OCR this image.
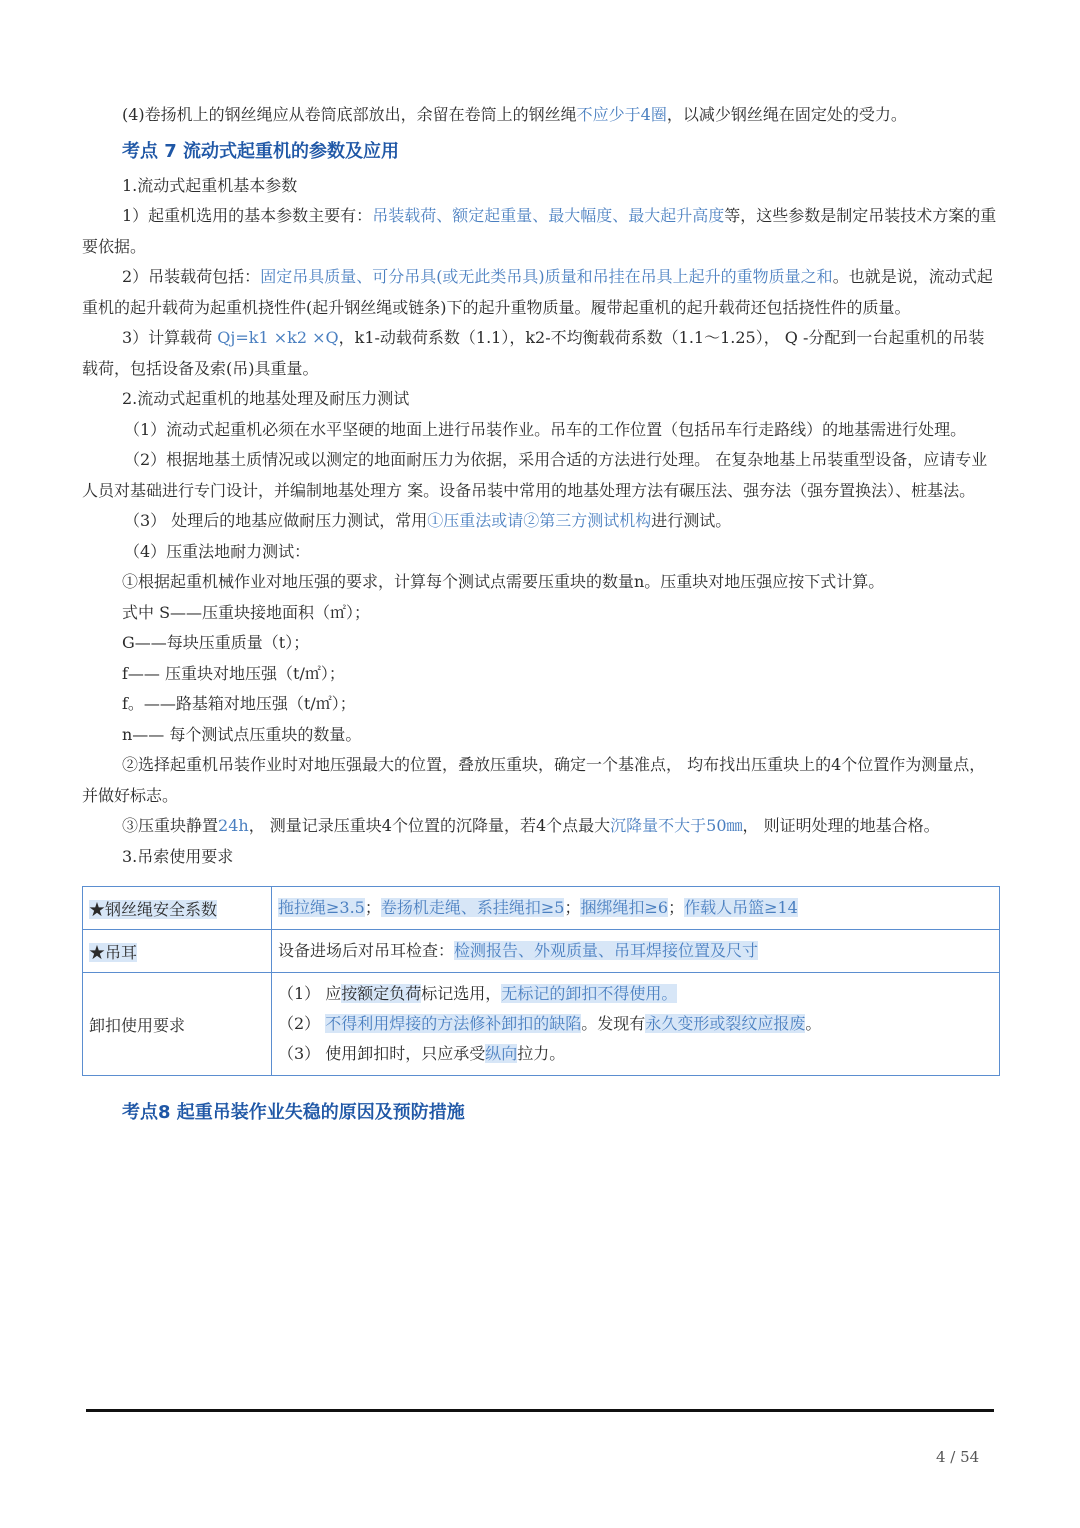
(4)卷扬机上的钢丝绳应从卷筒底部放出，余留在卷筒上的钢丝绳不应少于4圈，以减少钢丝绳在固定处的受力。

考点 7 流动式起重机的参数及应用

1.流动式起重机基本参数

1）起重机选用的基本参数主要有：吊装载荷、额定起重量、最大幅度、最大起升高度等，这些参数是制定吊装技术方案的重要依据。

2）吊装载荷包括：固定吊具质量、可分吊具(或无此类吊具)质量和吊挂在吊具上起升的重物质量之和。也就是说，流动式起重机的起升载荷为起重机挠性件(起升钢丝绳或链条)下的起升重物质量。履带起重机的起升载荷还包括挠性件的质量。

3）计算载荷 Qj=k1 ×k2 ×Q，k1-动载荷系数（1.1），k2-不均衡载荷系数（1.1～1.25）， Q -分配到一台起重机的吊装载荷，包括设备及索(吊)具重量。

2.流动式起重机的地基处理及耐压力测试

（1）流动式起重机必须在水平坚硬的地面上进行吊装作业。吊车的工作位置（包括吊车行走路线）的地基需进行处理。

（2）根据地基土质情况或以测定的地面耐压力为依据，采用合适的方法进行处理。 在复杂地基上吊装重型设备，应请专业人员对基础进行专门设计，并编制地基处理方 案。设备吊装中常用的地基处理方法有碾压法、强夯法（强夯置换法）、桩基法。

（3） 处理后的地基应做耐压力测试，常用①压重法或请②第三方测试机构进行测试。

（4）压重法地耐力测试：

①根据起重机械作业对地压强的要求，计算每个测试点需要压重块的数量n。压重块对地压强应按下式计算。

式中 S——压重块接地面积（㎡）；

G——每块压重质量（t）；

f—— 压重块对地压强（t/㎡）；

f。——路基箱对地压强（t/㎡）；

n—— 每个测试点压重块的数量。

②选择起重机吊装作业时对地压强最大的位置，叠放压重块，确定一个基准点， 均布找出压重块上的4个位置作为测量点，并做好标志。

③压重块静置24h， 测量记录压重块4个位置的沉降量，若4个点最大沉降量不大于50㎜， 则证明处理的地基合格。

3.吊索使用要求

★钢丝绳安全系数	拖拉绳≥3.5；卷扬机走绳、系挂绳扣≥5；捆绑绳扣≥6；作载人吊篮≥14
★吊耳	设备进场后对吊耳检查：检测报告、外观质量、吊耳焊接位置及尺寸
卸扣使用要求	（1） 应按额定负荷标记选用，无标记的卸扣不得使用。
（2） 不得利用焊接的方法修补卸扣的缺陷。发现有永久变形或裂纹应报废。
（3） 使用卸扣时，只应承受纵向拉力。
考点8 起重吊装作业失稳的原因及预防措施
4 / 54
